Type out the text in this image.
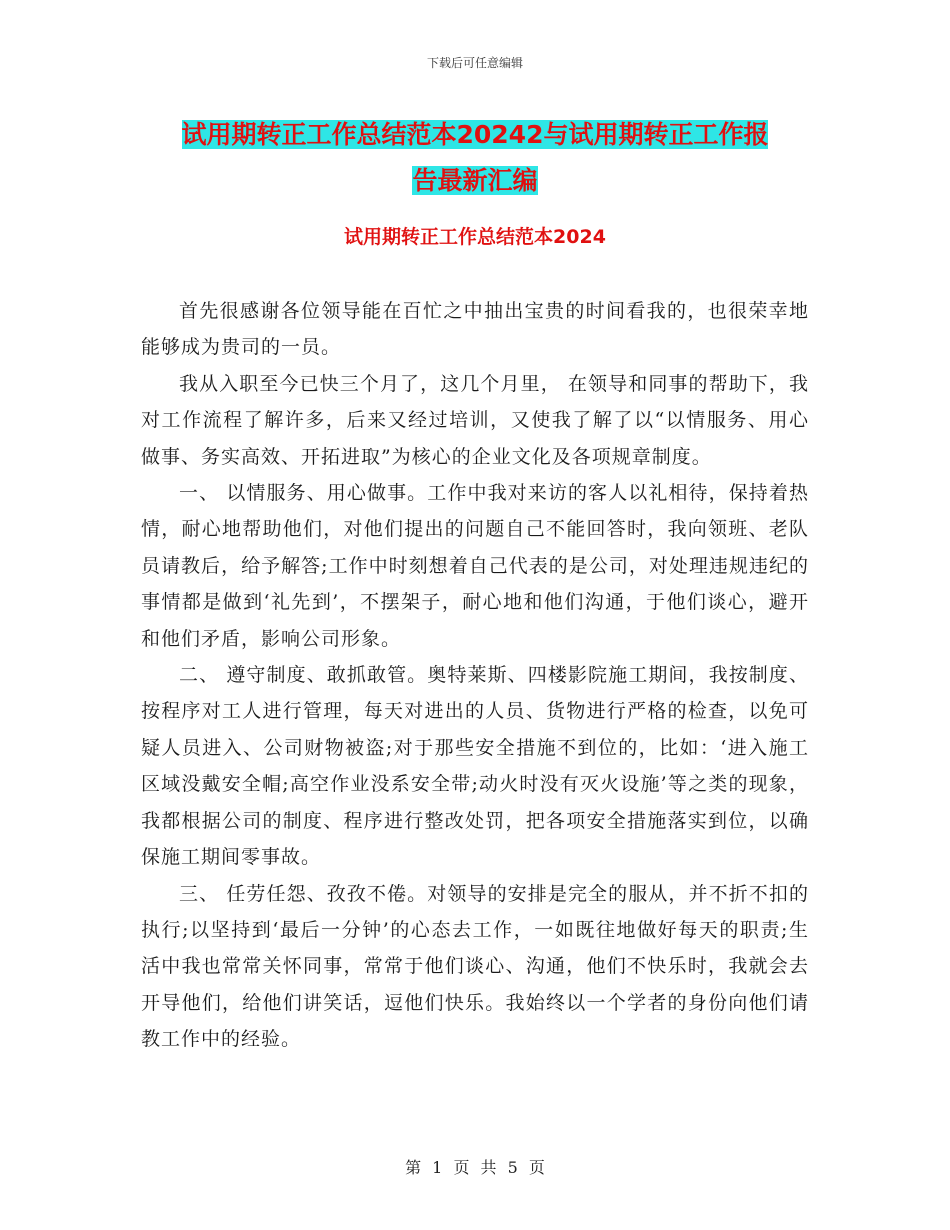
下载后可任意编辑
试用期转正工作总结范本20242与试用期转正工作报
告最新汇编
试用期转正工作总结范本2024

首先很感谢各位领导能在百忙之中抽出宝贵的时间看我的，也很荣幸地能够成为贵司的一员。

我从入职至今已快三个月了，这几个月里， 在领导和同事的帮助下，我对工作流程了解许多，后来又经过培训，又使我了解了以“以情服务、用心做事、务实高效、开拓进取”为核心的企业文化及各项规章制度。

一、 以情服务、用心做事。工作中我对来访的客人以礼相待，保持着热情，耐心地帮助他们，对他们提出的问题自己不能回答时，我向领班、老队员请教后，给予解答;工作中时刻想着自己代表的是公司，对处理违规违纪的事情都是做到‘礼先到’，不摆架子，耐心地和他们沟通，于他们谈心，避开和他们矛盾，影响公司形象。

二、 遵守制度、敢抓敢管。奥特莱斯、四楼影院施工期间，我按制度、按程序对工人进行管理，每天对进出的人员、货物进行严格的检查，以免可疑人员进入、公司财物被盗;对于那些安全措施不到位的，比如：‘进入施工区域没戴安全帽;高空作业没系安全带;动火时没有灭火设施’等之类的现象，我都根据公司的制度、程序进行整改处罚，把各项安全措施落实到位，以确保施工期间零事故。

三、 任劳任怨、孜孜不倦。对领导的安排是完全的服从，并不折不扣的执行;以坚持到‘最后一分钟’的心态去工作，一如既往地做好每天的职责;生活中我也常常关怀同事，常常于他们谈心、沟通，他们不快乐时，我就会去开导他们，给他们讲笑话，逗他们快乐。我始终以一个学者的身份向他们请教工作中的经验。

第 1 页 共 5 页
